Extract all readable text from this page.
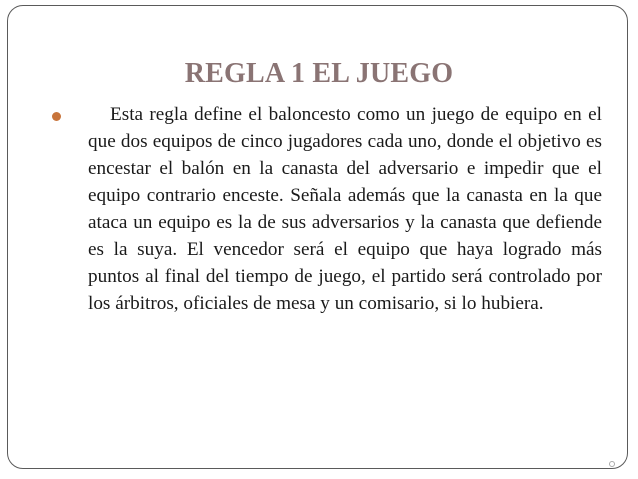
REGLA 1 EL JUEGO

Esta regla define el baloncesto como un juego de equipo en el que dos equipos de cinco jugadores cada uno, donde el objetivo es encestar el balón en la canasta del adversario e impedir que el equipo contrario enceste. Señala además que la canasta en la que ataca un equipo es la de sus adversarios y la canasta que defiende es la suya. El vencedor será el equipo que haya logrado más puntos al final del tiempo de juego, el partido será controlado por los árbitros, oficiales de mesa y un comisario, si lo hubiera.
